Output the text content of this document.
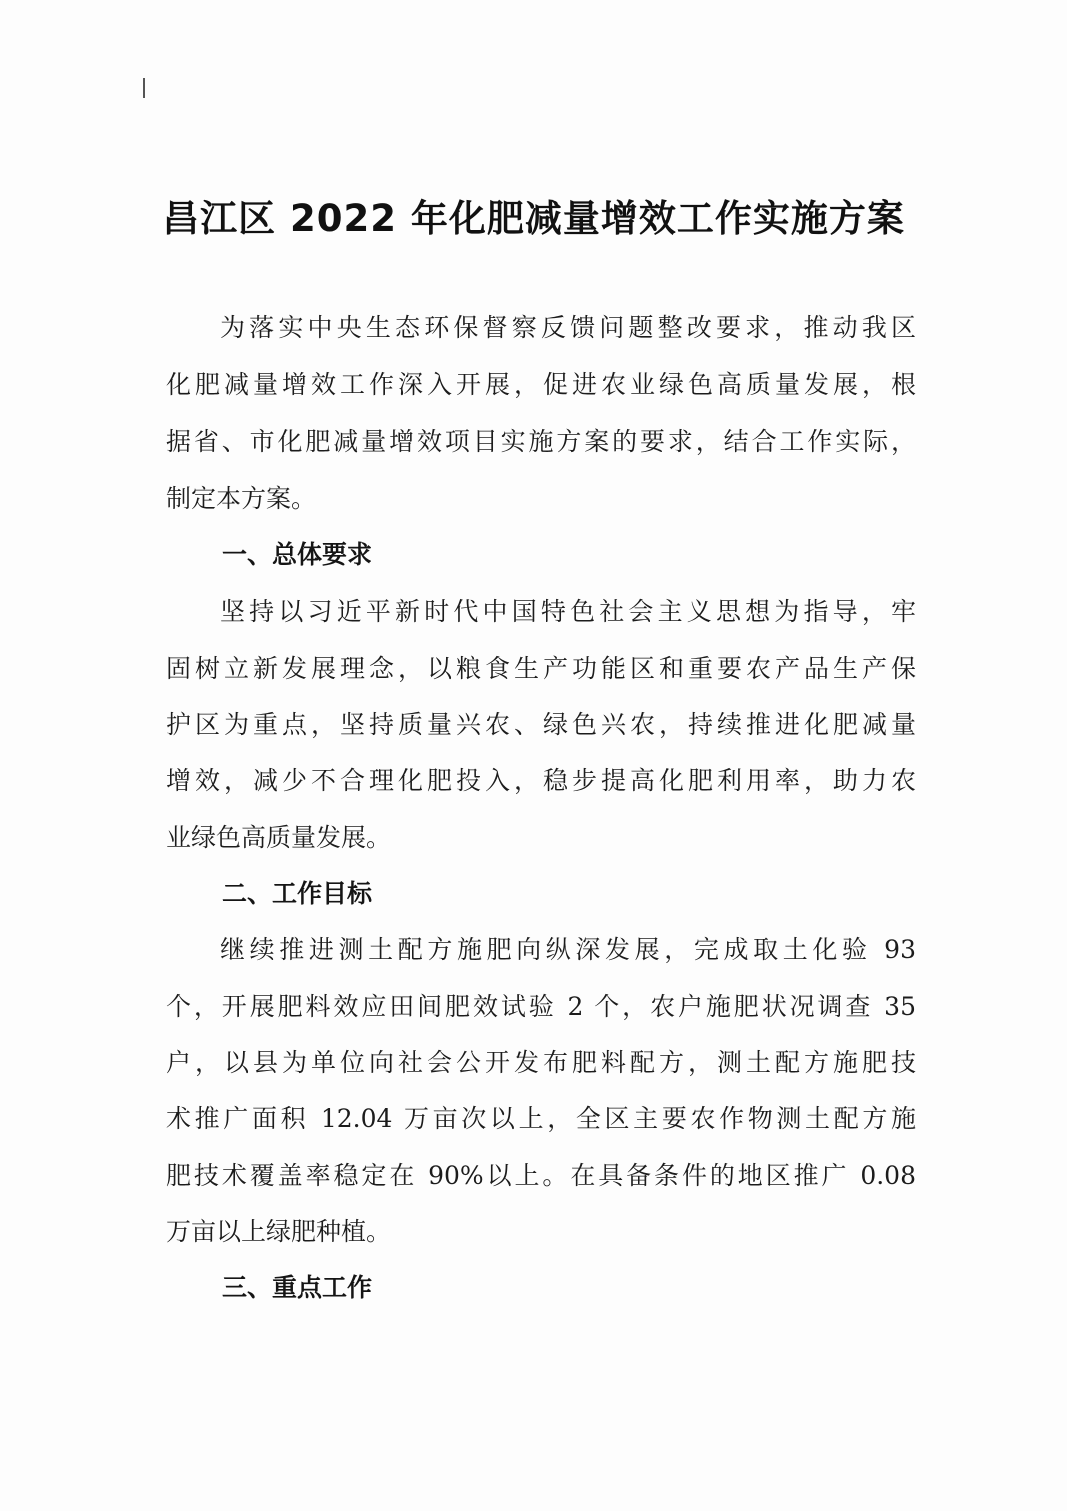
昌江区 2022 年化肥减量增效工作实施方案
为落实中央生态环保督察反馈问题整改要求，推动我区
化肥减量增效工作深入开展，促进农业绿色高质量发展，根
据省、市化肥减量增效项目实施方案的要求，结合工作实际，
制定本方案。
一、总体要求
坚持以习近平新时代中国特色社会主义思想为指导，牢
固树立新发展理念，以粮食生产功能区和重要农产品生产保
护区为重点，坚持质量兴农、绿色兴农，持续推进化肥减量
增效，减少不合理化肥投入，稳步提高化肥利用率，助力农
业绿色高质量发展。
二、工作目标
继续推进测土配方施肥向纵深发展，完成取土化验 93
个，开展肥料效应田间肥效试验 2 个，农户施肥状况调查 35
户，以县为单位向社会公开发布肥料配方，测土配方施肥技
术推广面积 12.04 万亩次以上，全区主要农作物测土配方施
肥技术覆盖率稳定在 90%以上。在具备条件的地区推广 0.08
万亩以上绿肥种植。
三、重点工作
